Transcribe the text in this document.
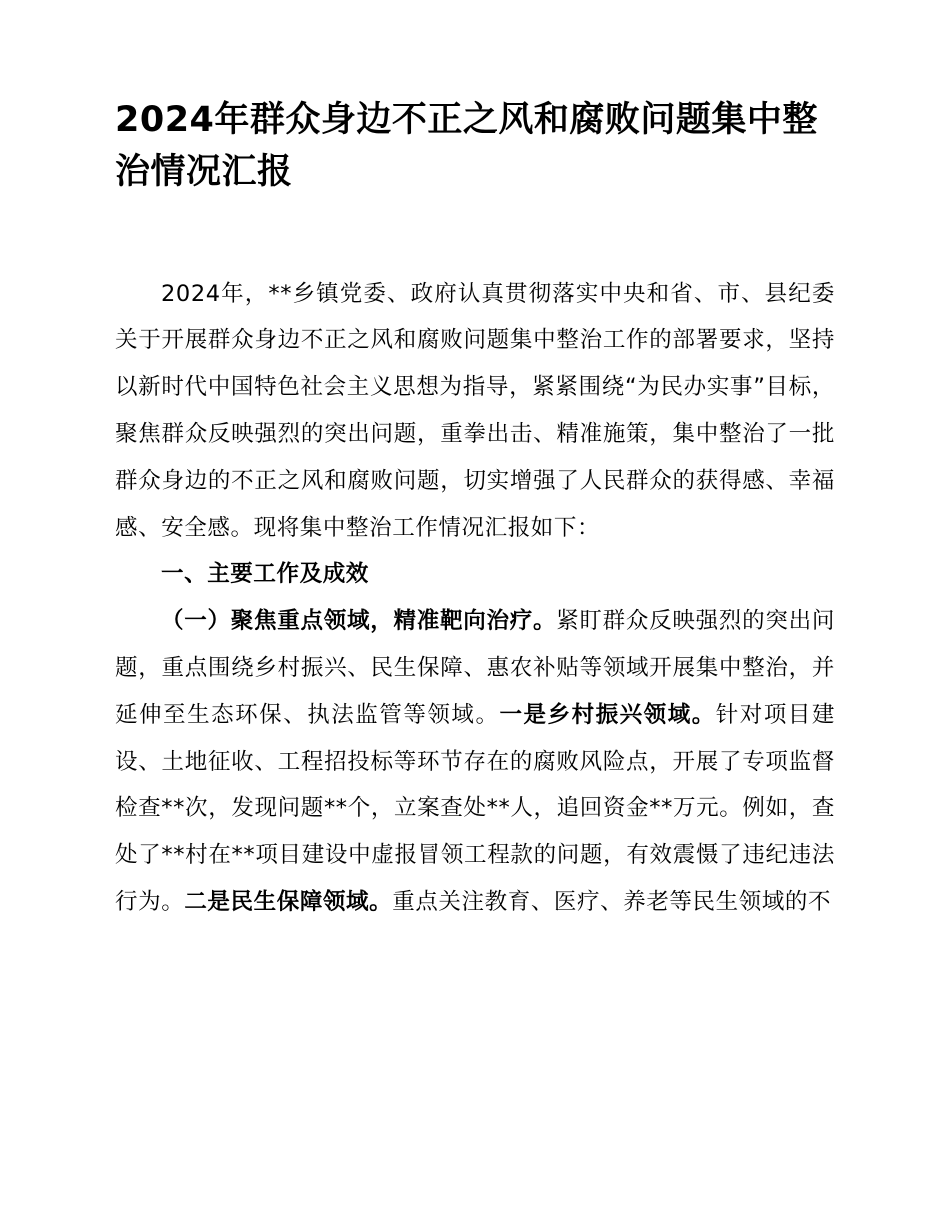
2024年群众身边不正之风和腐败问题集中整治情况汇报

2024年，**乡镇党委、政府认真贯彻落实中央和省、市、县纪委关于开展群众身边不正之风和腐败问题集中整治工作的部署要求，坚持以新时代中国特色社会主义思想为指导，紧紧围绕“为民办实事”目标，聚焦群众反映强烈的突出问题，重拳出击、精准施策，集中整治了一批群众身边的不正之风和腐败问题，切实增强了人民群众的获得感、幸福感、安全感。现将集中整治工作情况汇报如下：

一、主要工作及成效

（一）聚焦重点领域，精准靶向治疗。紧盯群众反映强烈的突出问题，重点围绕乡村振兴、民生保障、惠农补贴等领域开展集中整治，并延伸至生态环保、执法监管等领域。一是乡村振兴领域。针对项目建设、土地征收、工程招投标等环节存在的腐败风险点，开展了专项监督检查**次，发现问题**个，立案查处**人，追回资金**万元。例如，查处了**村在**项目建设中虚报冒领工程款的问题，有效震慑了违纪违法行为。二是民生保障领域。重点关注教育、医疗、养老等民生领域的不
